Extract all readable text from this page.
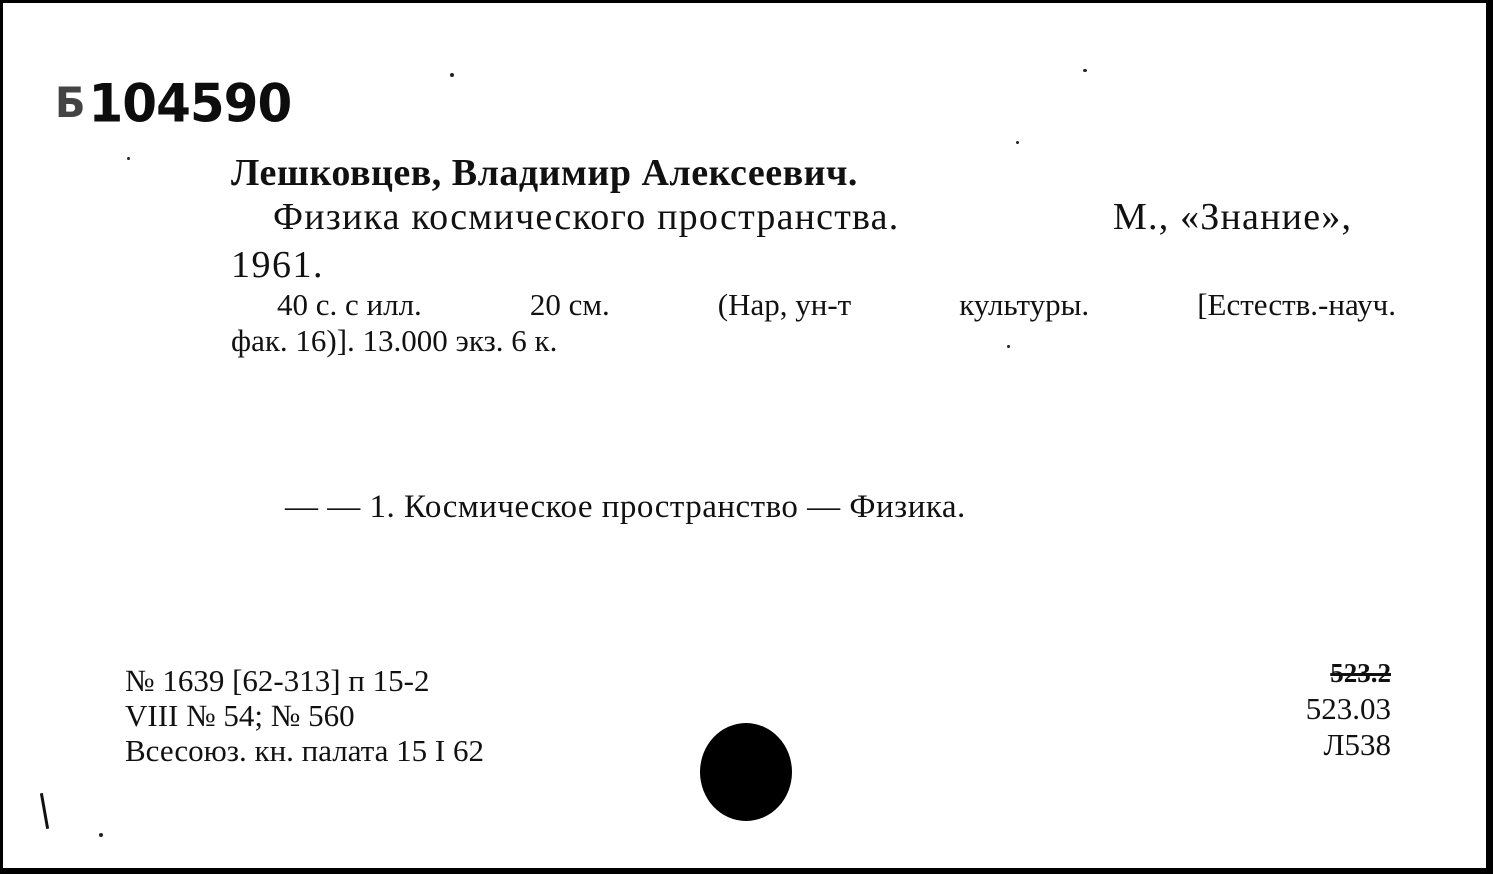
Б104590
Лешковцев, Владимир Алексеевич.
Физика космического пространства.	М., «Знание»,
1961.
40 с. с илл.	20 см.	(Нар, ун-т	культуры.	[Естеств.-науч.
фак. 16)]. 13.000 экз. 6 к.
— — 1. Космическое пространство — Физика.
№ 1639 [62-313] п 15-2
VIII № 54; № 560
Всесоюз. кн. палата 15 I 62
523.2
523.03
Л538
